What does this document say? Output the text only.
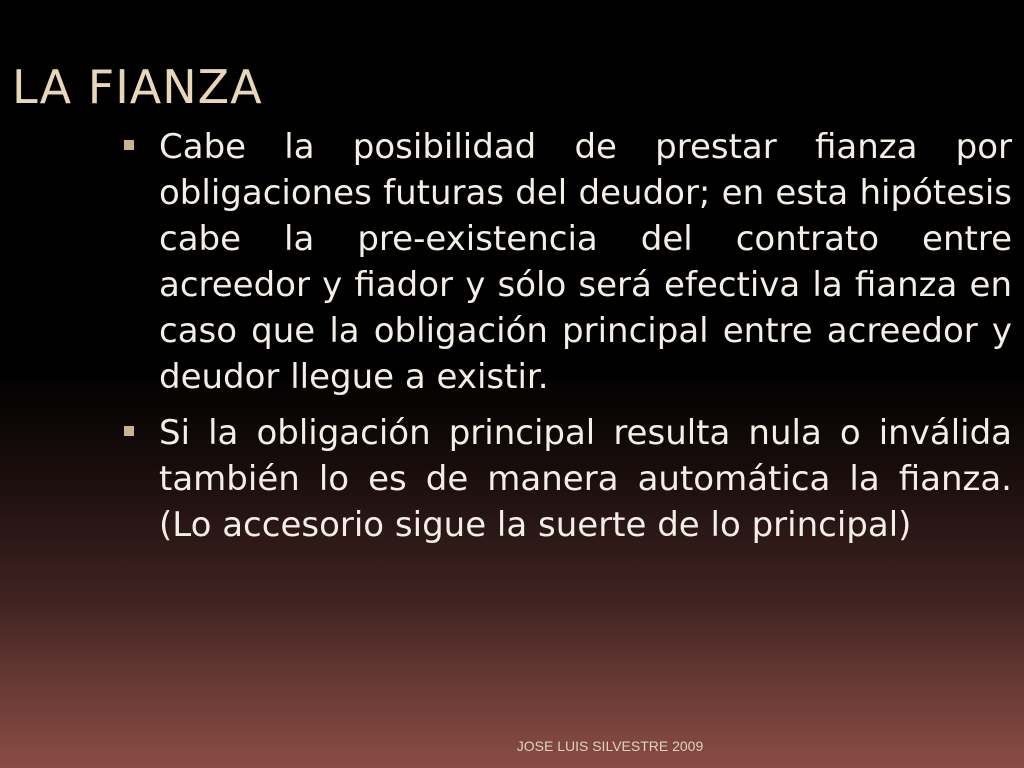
LA FIANZA
Cabe la posibilidad de prestar fianza por obligaciones futuras del deudor; en esta hipótesis cabe la pre-existencia del contrato entre acreedor y fiador y sólo será efectiva la fianza en caso que la obligación principal entre acreedor y deudor llegue a existir.
Si la obligación principal resulta nula o inválida también lo es de manera automática la fianza. (Lo accesorio sigue la suerte de lo principal)
JOSE LUIS SILVESTRE 2009
